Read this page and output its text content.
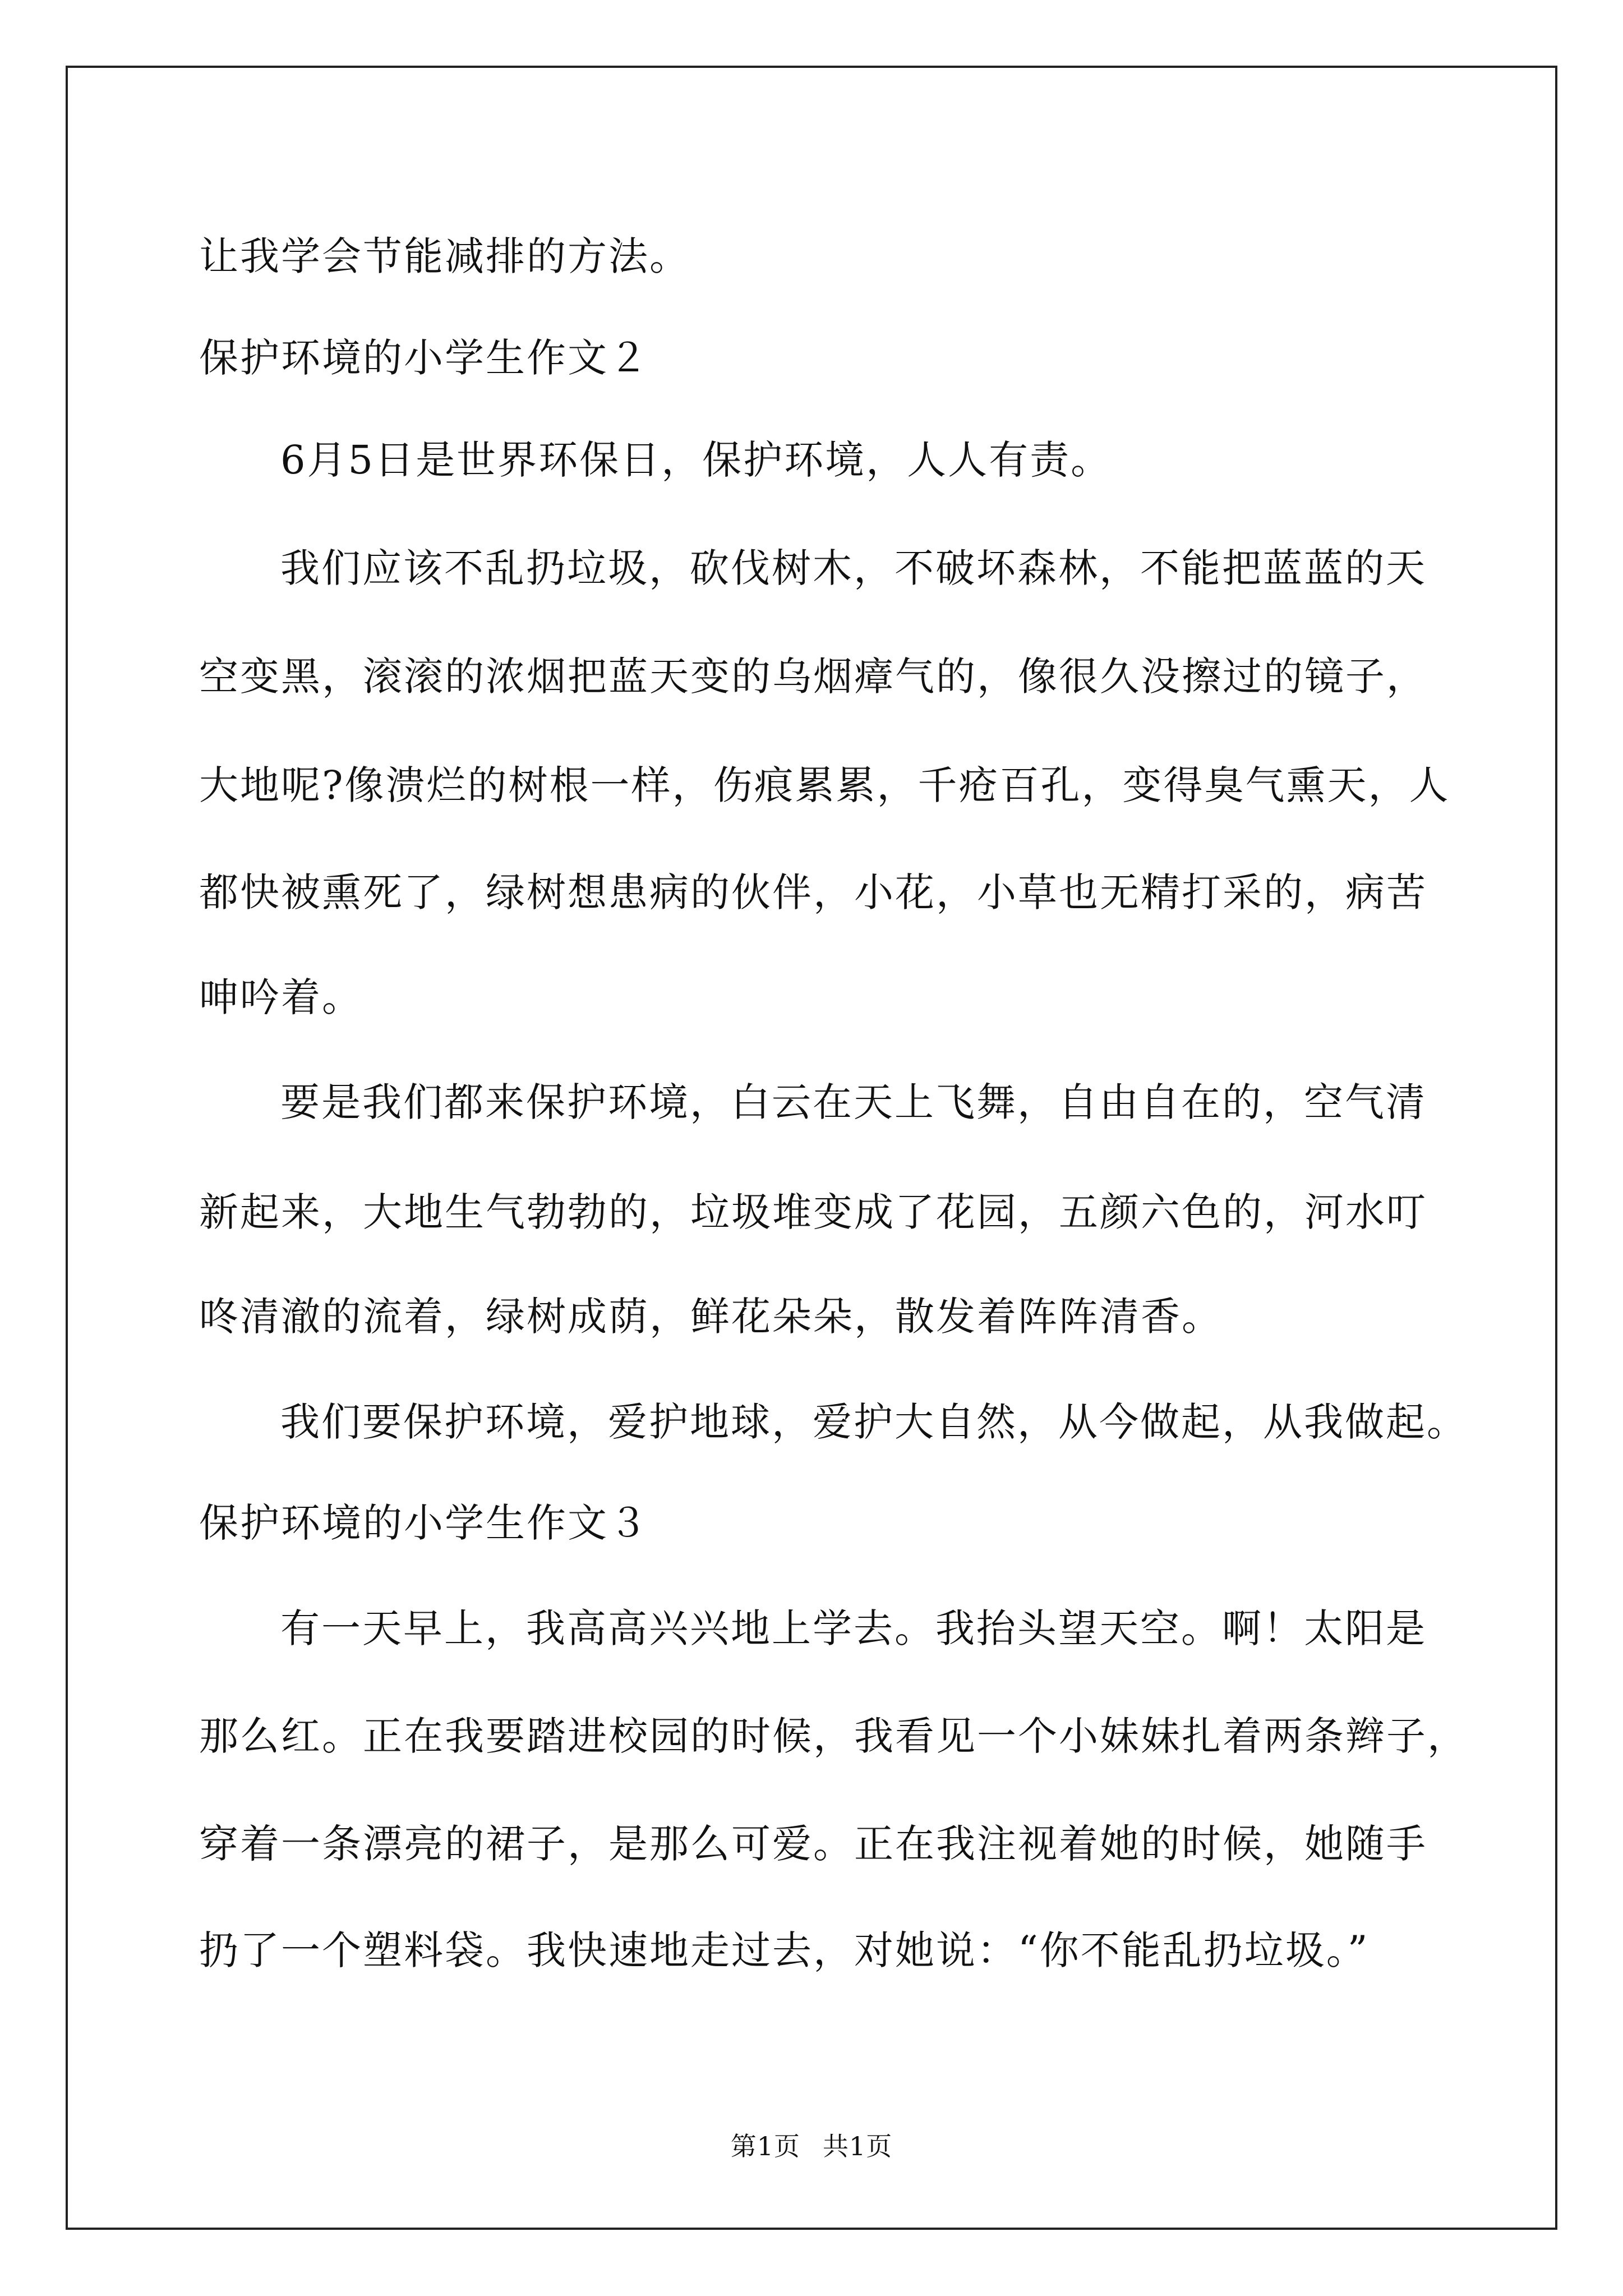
让我学会节能减排的方法。
保护环境的小学生作文２
6月5日是世界环保日，保护环境，人人有责。
我们应该不乱扔垃圾，砍伐树木，不破坏森林，不能把蓝蓝的天
空变黑，滚滚的浓烟把蓝天变的乌烟瘴气的，像很久没擦过的镜子，
大地呢?像溃烂的树根一样，伤痕累累，千疮百孔，变得臭气熏天，人
都快被熏死了，绿树想患病的伙伴，小花，小草也无精打采的，病苦
呻吟着。
要是我们都来保护环境，白云在天上飞舞，自由自在的，空气清
新起来，大地生气勃勃的，垃圾堆变成了花园，五颜六色的，河水叮
咚清澈的流着，绿树成荫，鲜花朵朵，散发着阵阵清香。
我们要保护环境，爱护地球，爱护大自然，从今做起，从我做起。
保护环境的小学生作文３
有一天早上，我高高兴兴地上学去。我抬头望天空。啊！太阳是
那么红。正在我要踏进校园的时候，我看见一个小妹妹扎着两条辫子，
穿着一条漂亮的裙子，是那么可爱。正在我注视着她的时候，她随手
扔了一个塑料袋。我快速地走过去，对她说：“你不能乱扔垃圾。”
第1页 共1页
